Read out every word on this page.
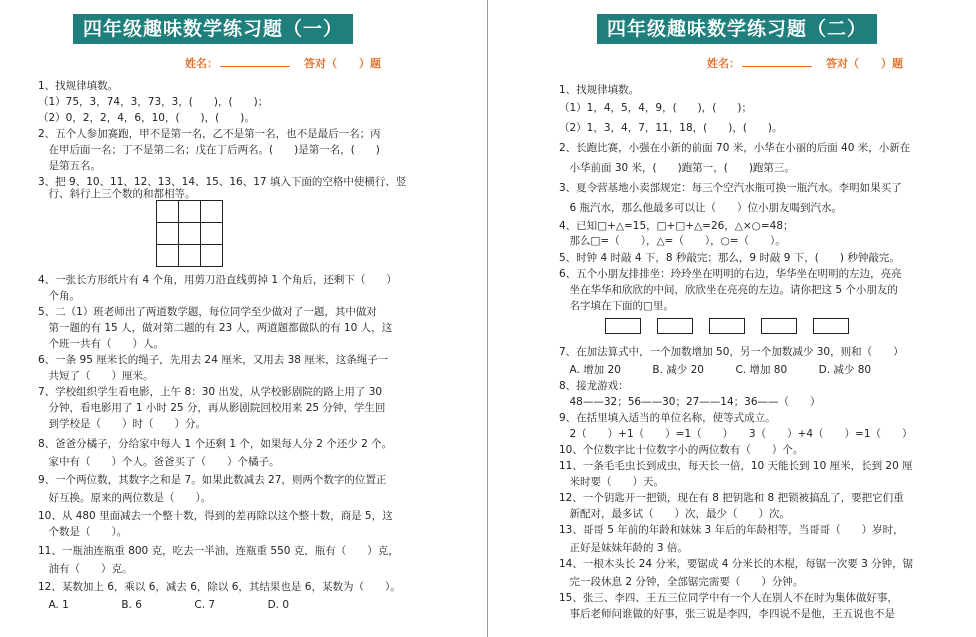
四年级趣味数学练习题（一）
姓名：	答对（　　）题
1、找规律填数。
（1）75，3，74，3，73，3，(　　)，(　　)；
（2）0，2，2，4，6，10，(　　)，(　　)。
2、五个人参加赛跑，甲不是第一名，乙不是第一名，也不是最后一名；丙
　在甲后面一名；丁不是第二名；戊在丁后两名。(　　)是第一名，(　　)
　是第五名。
3、把 9、10、11、12、13、14、15、16、17 填入下面的空格中使横行、竖
　行、斜行上三个数的和都相等。

4、一张长方形纸片有 4 个角，用剪刀沿直线剪掉 1 个角后，还剩下（　　）
　个角。
5、二（1）班老师出了两道数学题，每位同学至少做对了一题，其中做对
　第一题的有 15 人，做对第二题的有 23 人，两道题都做队的有 10 人，这
　个班一共有（　　）人。
6、一条 95 厘米长的绳子，先用去 24 厘米，又用去 38 厘米，这条绳子一
　共短了（　　）厘米。
7、学校组织学生看电影，上午 8：30 出发，从学校影剧院的路上用了 30
　分钟，看电影用了 1 小时 25 分，再从影剧院回校用来 25 分钟，学生回
　到学校是（　　）时（　　）分。
8、爸爸分橘子，分给家中每人 1 个还剩 1 个，如果每人分 2 个还少 2 个。
　家中有（　　）个人。爸爸买了（　　）个橘子。
9、一个两位数，其数字之和是 7。如果此数减去 27，则两个数字的位置正
　好互换。原来的两位数是（　　）。
10、从 480 里面减去一个整十数，得到的差再除以这个整十数，商是 5，这
　个数是（　　）。
11、一瓶油连瓶重 800 克，吃去一半油，连瓶重 550 克，瓶有（　　）克，
　油有（　　）克。
12、某数加上 6，乘以 6，减去 6，除以 6，其结果也是 6，某数为（　　）。
　A. 1　　　　　B. 6　　　　　C. 7　　　　　D. 0
四年级趣味数学练习题（二）
姓名：	答对（　　）题
1、找规律填数。
（1）1，4，5，4，9，(　　)，(　　)；
（2）1，3，4，7，11，18，(　　)，(　　)。
2、长跑比赛，小强在小新的前面 70 米，小华在小丽的后面 40 米，小新在
　小华前面 30 米，(　　)跑第一，(　　)跑第三。
3、夏令营基地小卖部规定：每三个空汽水瓶可换一瓶汽水。李明如果买了
　6 瓶汽水，那么他最多可以让（　　）位小朋友喝到汽水。
4、已知□+△=15，□+□+△=26，△×○=48；
　那么□=（　　），△=（　　），○=（　　）。
5、时钟 4 时敲 4 下，8 秒敲完；那么，9 时敲 9 下，(　　) 秒钟敲完。
6、五个小朋友排排坐：玲玲坐在明明的右边，华华坐在明明的左边，亮亮
　坐在华华和欣欣的中间，欣欣坐在亮亮的左边。请你把这 5 个小朋友的
　名字填在下面的□里。
7、在加法算式中，一个加数增加 50，另一个加数减少 30，则和（　　）
　A. 增加 20　　　B. 减少 20　　　C. 增加 80　　　D. 减少 80
8、接龙游戏：
　48——32；56——30；27——14；36——（　　）
9、在括里填入适当的单位名称，使等式成立。
　2（　　）+1（　　）=1（　　）　　3（　　）+4（　　）=1（　　）
10、个位数字比十位数字小的两位数有（　　）个。
11、一条毛毛虫长到成虫，每天长一倍，10 天能长到 10 厘米，长到 20 厘
　米时要（　　）天。
12、一个钥匙开一把锁，现在有 8 把钥匙和 8 把锁被搞乱了，要把它们重
　新配对，最多试（　　）次，最少（　　）次。
13、哥哥 5 年前的年龄和妹妹 3 年后的年龄相等，当哥哥（　　）岁时，
　正好是妹妹年龄的 3 倍。
14、一根木头长 24 分米，要锯成 4 分米长的木棍，每锯一次要 3 分钟，锯
　完一段休息 2 分钟，全部锯完需要（　　）分钟。
15、张三、李四、王五三位同学中有一个人在别人不在时为集体做好事，
　事后老师问谁做的好事，张三说是李四，李四说不是他，王五说也不是
